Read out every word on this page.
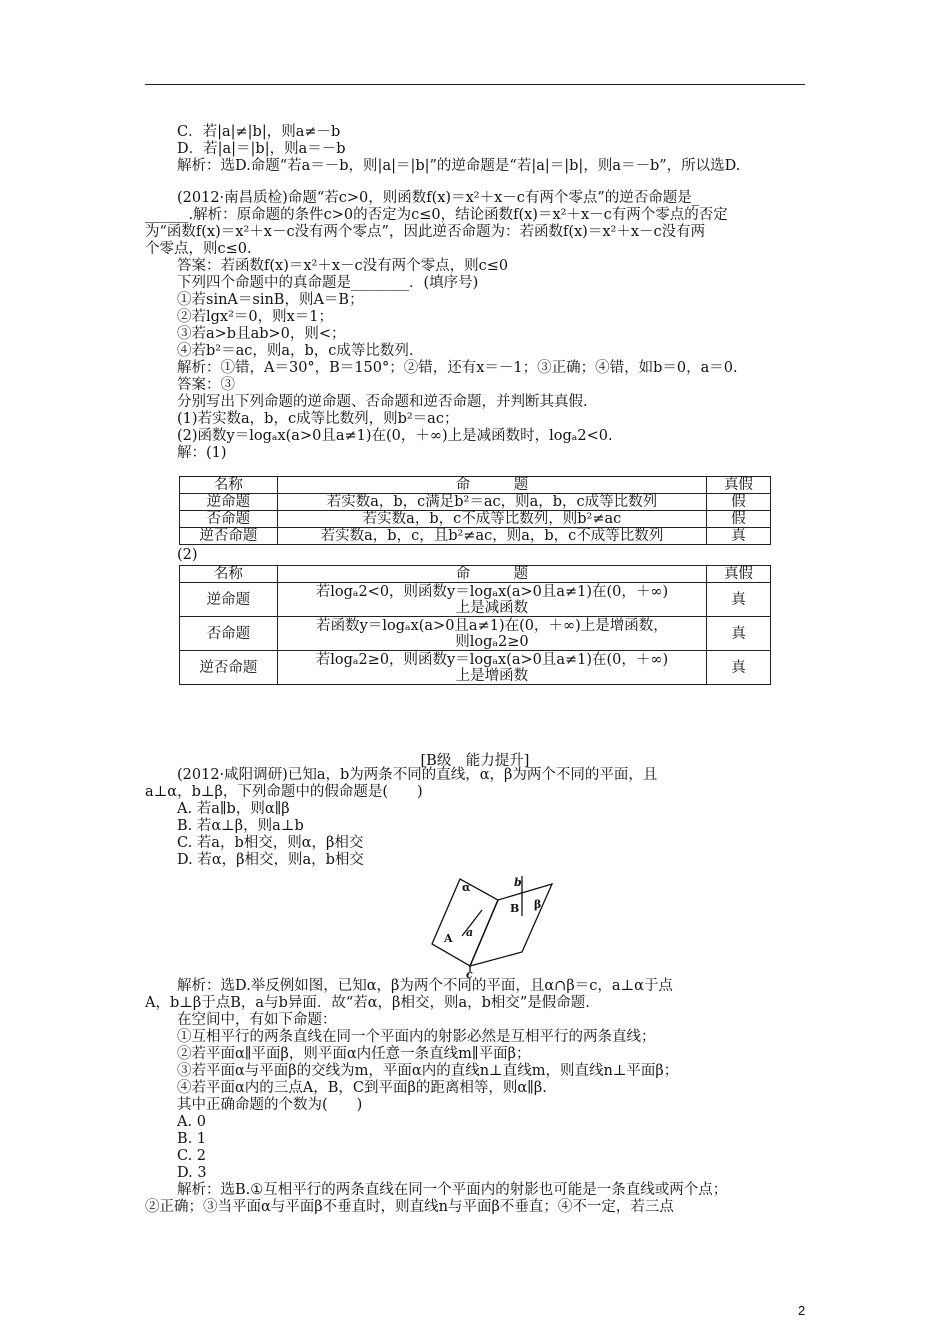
C．若|a|≠|b|，则a≠－b
D．若|a|＝|b|，则a＝－b
解析：选D.命题“若a＝－b，则|a|＝|b|”的逆命题是“若|a|＝|b|，则a＝－b”，所以选D.
(2012·南昌质检)命题“若c>0，则函数f(x)＝x²＋x－c有两个零点”的逆否命题是_
______.解析：原命题的条件c>0的否定为c≤0，结论函数f(x)＝x²＋x－c有两个零点的否定
为“函数f(x)＝x²＋x－c没有两个零点”，因此逆否命题为：若函数f(x)＝x²＋x－c没有两
个零点，则c≤0.
答案：若函数f(x)＝x²＋x－c没有两个零点，则c≤0
下列四个命题中的真命题是________．(填序号)
①若sinA＝sinB，则A＝B；
②若lgx²＝0，则x＝1；
③若a>b且ab>0，则<；
④若b²＝ac，则a，b，c成等比数列.
解析：①错，A＝30°，B＝150°；②错，还有x＝－1；③正确；④错，如b＝0，a＝0.
答案：③
分别写出下列命题的逆命题、否命题和逆否命题，并判断其真假.
(1)若实数a，b，c成等比数列，则b²＝ac；
(2)函数y＝logₐx(a>0且a≠1)在(0，＋∞)上是减函数时，logₐ2<0.
解：(1)
名称	命　　　题	真假
逆命题	若实数a，b，c满足b²＝ac，则a，b，c成等比数列	假
否命题	若实数a，b，c不成等比数列，则b²≠ac	假
逆否命题	若实数a，b，c，且b²≠ac，则a，b，c不成等比数列	真
(2)
名称	命　　　题	真假
逆命题	若logₐ2<0，则函数y＝logₐx(a>0且a≠1)在(0，＋∞)
上是减函数	真
否命题	若函数y＝logₐx(a>0且a≠1)在(0，＋∞)上是增函数，
则logₐ2≥0	真
逆否命题	若logₐ2≥0，则函数y＝logₐx(a>0且a≠1)在(0，＋∞)
上是增函数	真
[B级　能力提升]
(2012·咸阳调研)已知a，b为两条不同的直线，α，β为两个不同的平面，且
a⊥α，b⊥β，下列命题中的假命题是(　　)
A. 若a∥b，则α∥β
B. 若α⊥β，则a⊥b
C. 若a，b相交，则α，β相交
D. 若α，β相交，则a，b相交
α
β
A a
B
b
c
解析：选D.举反例如图，已知α，β为两个不同的平面，且α∩β＝c，a⊥α于点
A，b⊥β于点B，a与b异面．故“若α，β相交，则a，b相交”是假命题.
在空间中，有如下命题：
①互相平行的两条直线在同一个平面内的射影必然是互相平行的两条直线；
②若平面α∥平面β，则平面α内任意一条直线m∥平面β；
③若平面α与平面β的交线为m，平面α内的直线n⊥直线m，则直线n⊥平面β；
④若平面α内的三点A，B，C到平面β的距离相等，则α∥β.
其中正确命题的个数为(　　)
A. 0
B. 1
C. 2
D. 3
解析：选B.①互相平行的两条直线在同一个平面内的射影也可能是一条直线或两个点；
②正确；③当平面α与平面β不垂直时，则直线n与平面β不垂直；④不一定，若三点
2
